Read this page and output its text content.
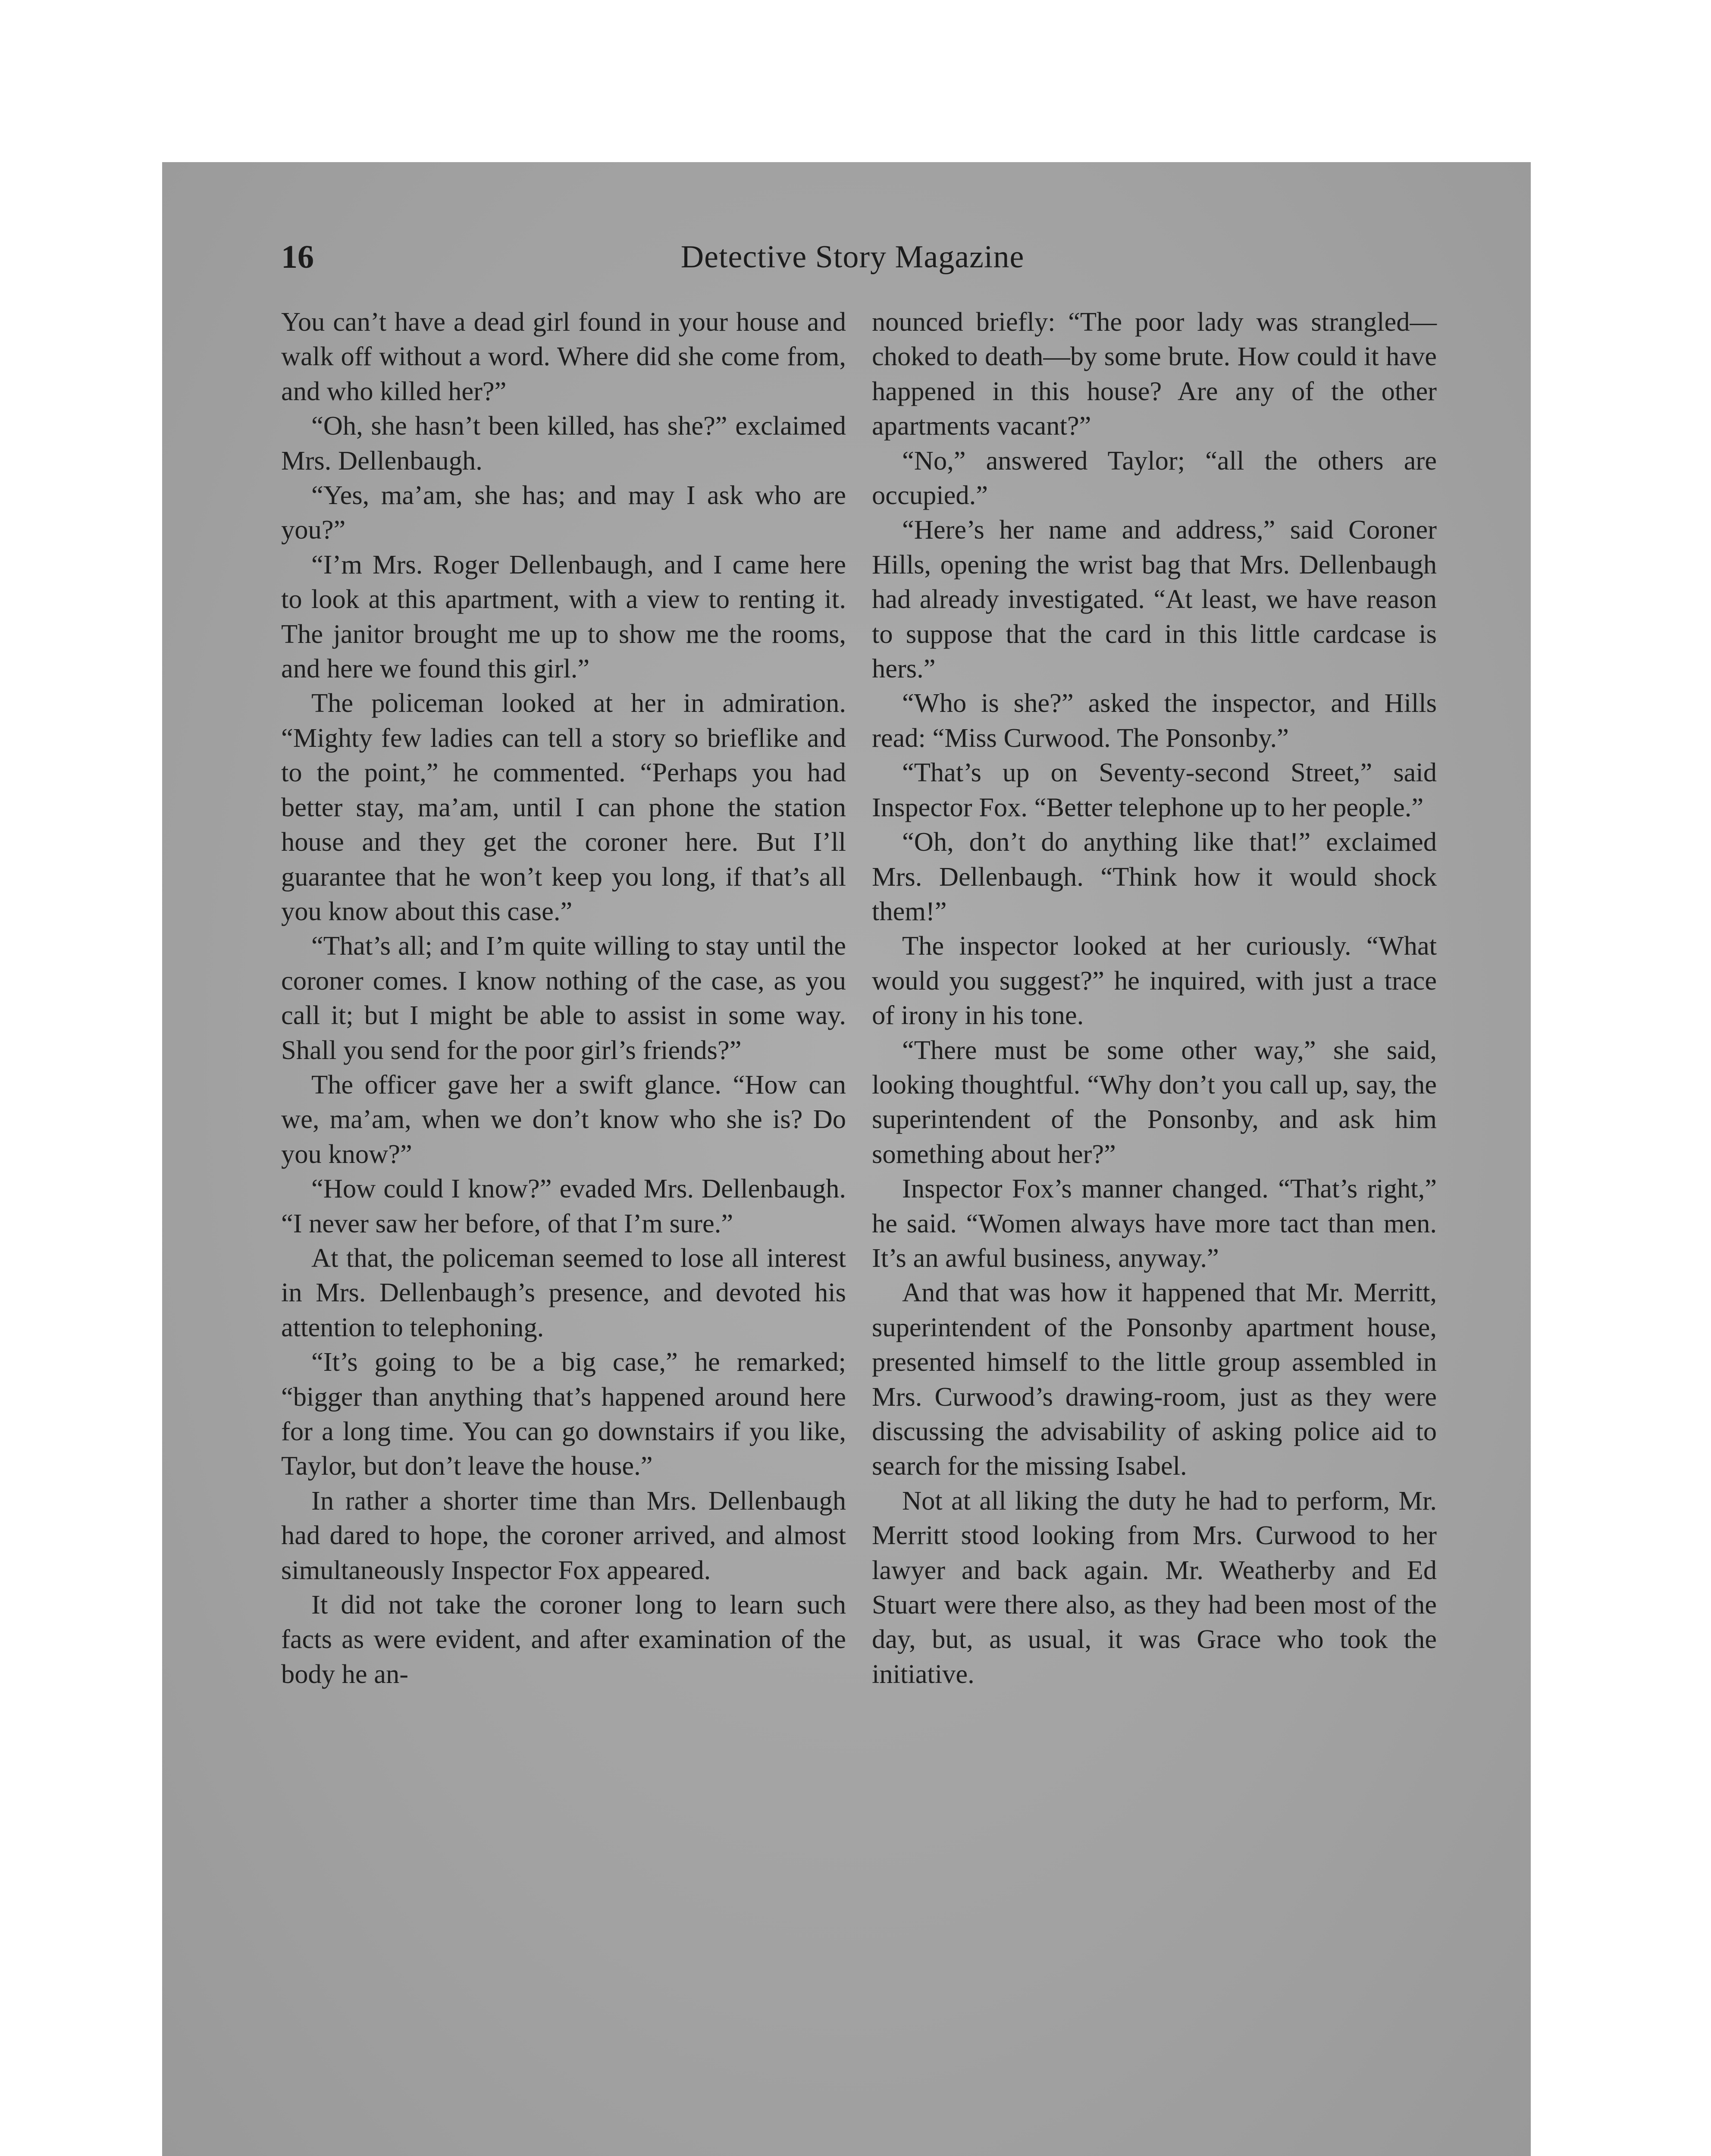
16	Detective Story Magazine

You can’t have a dead girl found in your house and walk off without a word. Where did she come from, and who killed her?”

“Oh, she hasn’t been killed, has she?” exclaimed Mrs. Dellenbaugh.

“Yes, ma’am, she has; and may I ask who are you?”

“I’m Mrs. Roger Dellenbaugh, and I came here to look at this apartment, with a view to renting it. The janitor brought me up to show me the rooms, and here we found this girl.”

The policeman looked at her in admiration. “Mighty few ladies can tell a story so brieflike and to the point,” he commented. “Perhaps you had better stay, ma’am, until I can phone the station house and they get the coroner here. But I’ll guarantee that he won’t keep you long, if that’s all you know about this case.”

“That’s all; and I’m quite willing to stay until the coroner comes. I know nothing of the case, as you call it; but I might be able to assist in some way. Shall you send for the poor girl’s friends?”

The officer gave her a swift glance. “How can we, ma’am, when we don’t know who she is? Do you know?”

“How could I know?” evaded Mrs. Dellenbaugh. “I never saw her before, of that I’m sure.”

At that, the policeman seemed to lose all interest in Mrs. Dellenbaugh’s presence, and devoted his attention to telephoning.

“It’s going to be a big case,” he remarked; “bigger than anything that’s happened around here for a long time. You can go downstairs if you like, Taylor, but don’t leave the house.”

In rather a shorter time than Mrs. Dellenbaugh had dared to hope, the coroner arrived, and almost simultaneously Inspector Fox appeared.

It did not take the coroner long to learn such facts as were evident, and after examination of the body he an-

nounced briefly: “The poor lady was strangled—choked to death—by some brute. How could it have happened in this house? Are any of the other apartments vacant?”

“No,” answered Taylor; “all the others are occupied.”

“Here’s her name and address,” said Coroner Hills, opening the wrist bag that Mrs. Dellenbaugh had already investigated. “At least, we have reason to suppose that the card in this little cardcase is hers.”

“Who is she?” asked the inspector, and Hills read: “Miss Curwood. The Ponsonby.”

“That’s up on Seventy-second Street,” said Inspector Fox. “Better telephone up to her people.”

“Oh, don’t do anything like that!” exclaimed Mrs. Dellenbaugh. “Think how it would shock them!”

The inspector looked at her curiously. “What would you suggest?” he inquired, with just a trace of irony in his tone.

“There must be some other way,” she said, looking thoughtful. “Why don’t you call up, say, the superintendent of the Ponsonby, and ask him something about her?”

Inspector Fox’s manner changed. “That’s right,” he said. “Women always have more tact than men. It’s an awful business, anyway.”

And that was how it happened that Mr. Merritt, superintendent of the Ponsonby apartment house, presented himself to the little group assembled in Mrs. Curwood’s drawing-room, just as they were discussing the advisability of asking police aid to search for the missing Isabel.

Not at all liking the duty he had to perform, Mr. Merritt stood looking from Mrs. Curwood to her lawyer and back again. Mr. Weatherby and Ed Stuart were there also, as they had been most of the day, but, as usual, it was Grace who took the initiative.
